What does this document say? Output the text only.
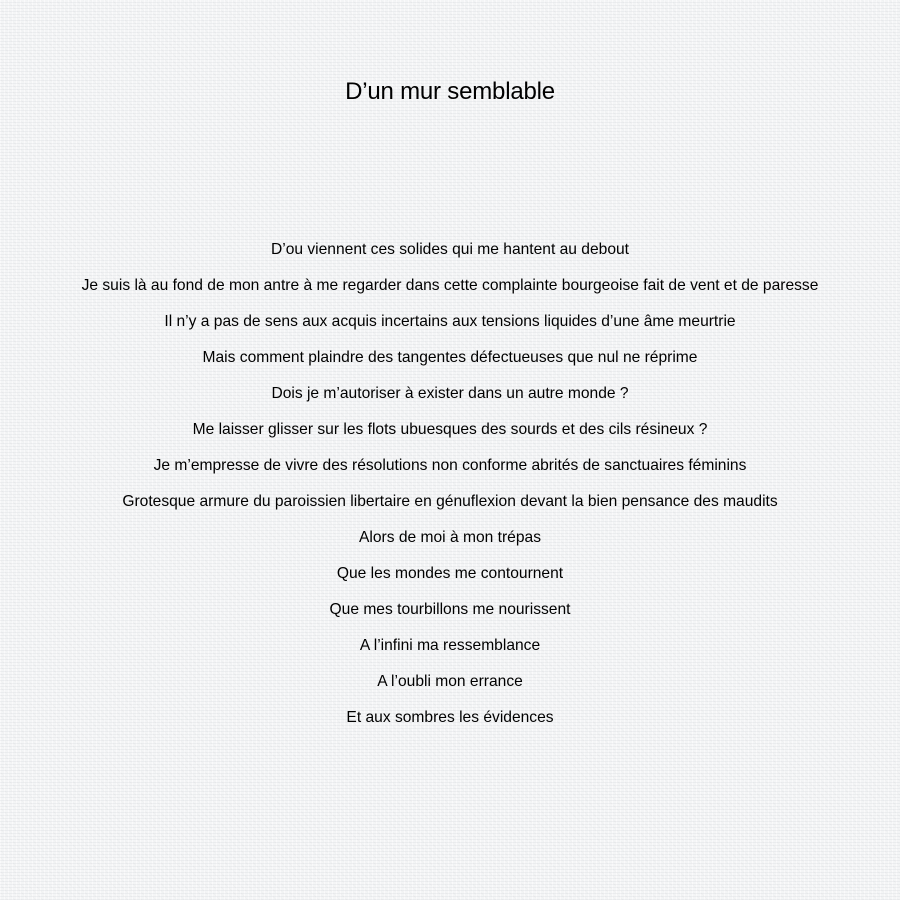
D’un mur semblable
D’ou viennent ces solides qui me hantent au debout
Je suis là au fond de mon antre à me regarder dans cette complainte bourgeoise fait de vent et de paresse
Il n’y a pas de sens aux acquis incertains aux tensions liquides d’une âme meurtrie
Mais comment plaindre des tangentes défectueuses que nul ne réprime
Dois je m’autoriser à exister dans un autre monde ?
Me laisser glisser sur les flots ubuesques des sourds et des cils résineux ?
Je m’empresse de vivre des résolutions non conforme abrités de sanctuaires féminins
Grotesque armure du paroissien libertaire en génuflexion devant la bien pensance des maudits
Alors de moi à mon trépas
Que les mondes me contournent
Que mes tourbillons me nourissent
A l’infini ma ressemblance
A l’oubli mon errance
Et aux sombres les évidences
